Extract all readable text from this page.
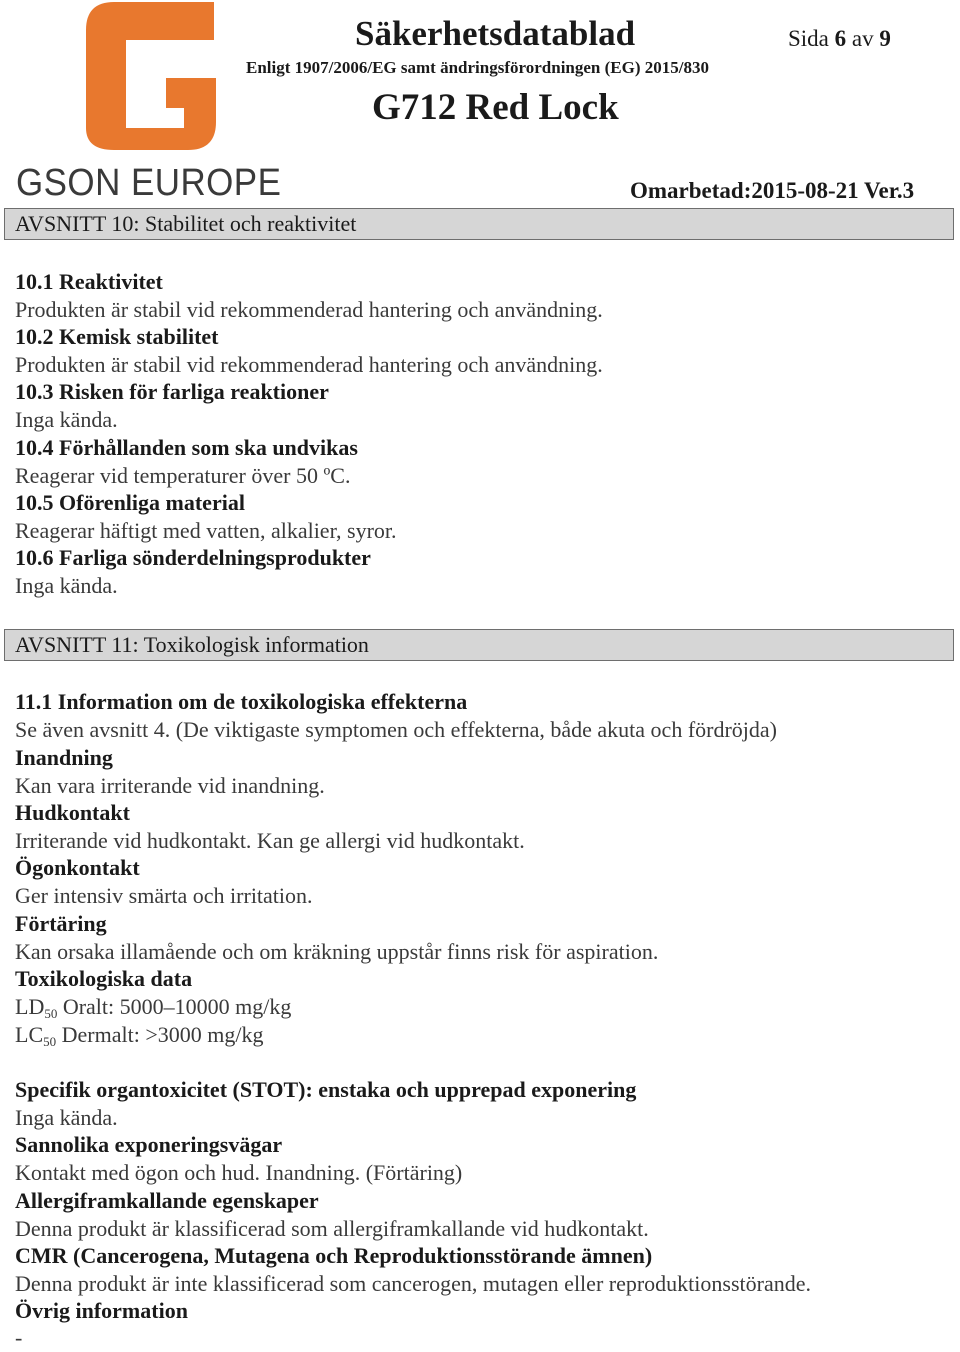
GSON EUROPE
Säkerhetsdatablad	Sida 6 av 9
Enligt 1907/2006/EG samt ändringsförordningen (EG) 2015/830
G712 Red Lock
Omarbetad:2015-08-21 Ver.3
AVSNITT 10: Stabilitet och reaktivitet
10.1 Reaktivitet
Produkten är stabil vid rekommenderad hantering och användning.
10.2 Kemisk stabilitet
Produkten är stabil vid rekommenderad hantering och användning.
10.3 Risken för farliga reaktioner
Inga kända.
10.4 Förhållanden som ska undvikas
Reagerar vid temperaturer över 50 ºC.
10.5 Oförenliga material
Reagerar häftigt med vatten, alkalier, syror.
10.6 Farliga sönderdelningsprodukter
Inga kända.
AVSNITT 11: Toxikologisk information
11.1 Information om de toxikologiska effekterna
Se även avsnitt 4. (De viktigaste symptomen och effekterna, både akuta och fördröjda)
Inandning
Kan vara irriterande vid inandning.
Hudkontakt
Irriterande vid hudkontakt. Kan ge allergi vid hudkontakt.
Ögonkontakt
Ger intensiv smärta och irritation.
Förtäring
Kan orsaka illamående och om kräkning uppstår finns risk för aspiration.
Toxikologiska data
$LD_{50}$ Oralt: 5000–10000 mg/kg
$LC_{50}$ Dermalt: >3000 mg/kg
Specifik organtoxicitet (STOT): enstaka och upprepad exponering
Inga kända.
Sannolika exponeringsvägar
Kontakt med ögon och hud. Inandning. (Förtäring)
Allergiframkallande egenskaper
Denna produkt är klassificerad som allergiframkallande vid hudkontakt.
CMR (Cancerogena, Mutagena och Reproduktionsstörande ämnen)
Denna produkt är inte klassificerad som cancerogen, mutagen eller reproduktionsstörande.
Övrig information
-
